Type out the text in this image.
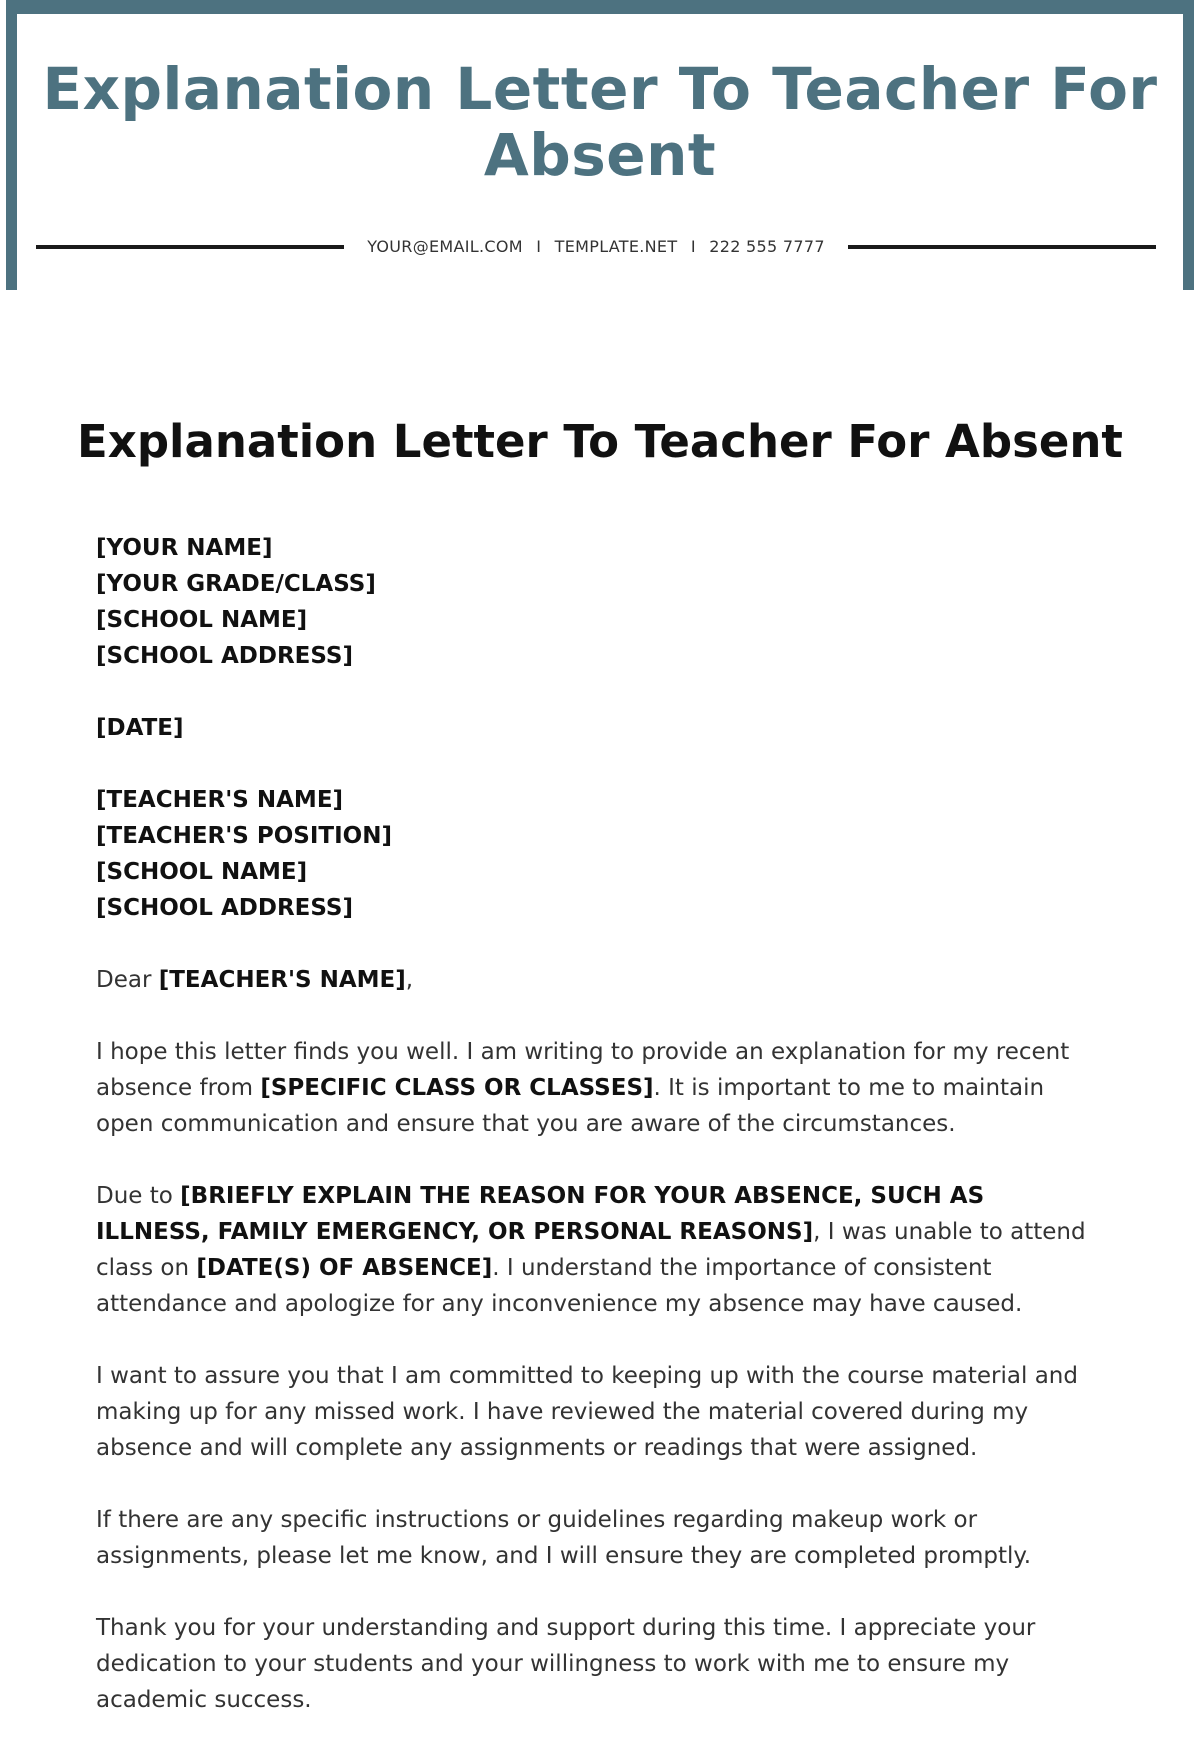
Explanation Letter To Teacher For Absent
YOUR@EMAIL.COM I TEMPLATE.NET I 222 555 7777
Explanation Letter To Teacher For Absent
[YOUR NAME]
[YOUR GRADE/CLASS]
[SCHOOL NAME]
[SCHOOL ADDRESS]
[DATE]
[TEACHER'S NAME]
[TEACHER'S POSITION]
[SCHOOL NAME]
[SCHOOL ADDRESS]

Dear [TEACHER'S NAME],

I hope this letter finds you well. I am writing to provide an explanation for my recent absence from [SPECIFIC CLASS OR CLASSES]. It is important to me to maintain open communication and ensure that you are aware of the circumstances.

Due to [BRIEFLY EXPLAIN THE REASON FOR YOUR ABSENCE, SUCH AS ILLNESS, FAMILY EMERGENCY, OR PERSONAL REASONS], I was unable to attend class on [DATE(S) OF ABSENCE]. I understand the importance of consistent attendance and apologize for any inconvenience my absence may have caused.

I want to assure you that I am committed to keeping up with the course material and making up for any missed work. I have reviewed the material covered during my absence and will complete any assignments or readings that were assigned.

If there are any specific instructions or guidelines regarding makeup work or assignments, please let me know, and I will ensure they are completed promptly.

Thank you for your understanding and support during this time. I appreciate your dedication to your students and your willingness to work with me to ensure my academic success.
